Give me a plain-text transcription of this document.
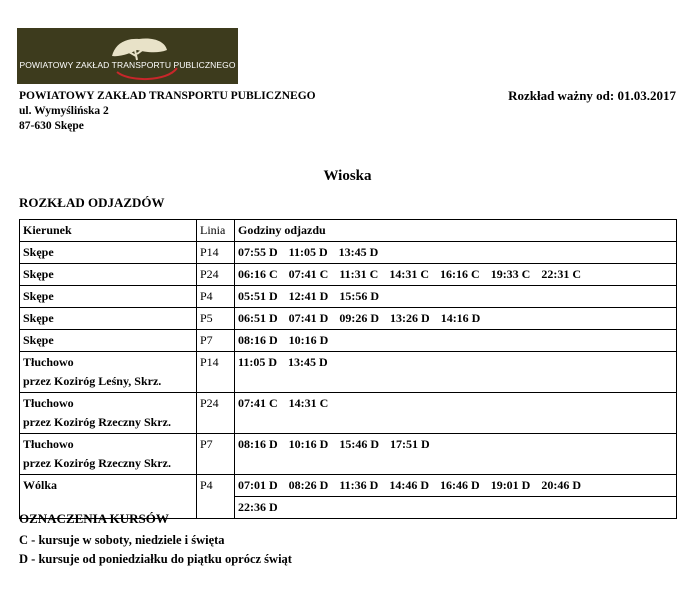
POWIATOWY ZAKŁAD TRANSPORTU PUBLICZNEGO
POWIATOWY ZAKŁAD TRANSPORTU PUBLICZNEGO
ul. Wymyślińska 2
87-630 Skępe
Rozkład ważny od: 01.03.2017
Wioska
ROZKŁAD ODJAZDÓW
Kierunek	Linia	Godziny odjazdu

Skępe	P14	07:55 D 11:05 D 13:45 D

Skępe	P24	06:16 C 07:41 C 11:31 C 14:31 C 16:16 C 19:33 C 22:31 C

Skępe	P4	05:51 D 12:41 D 15:56 D

Skępe	P5	06:51 D 07:41 D 09:26 D 13:26 D 14:16 D

Skępe	P7	08:16 D 10:16 D

Tłuchowo
przez Koziróg Leśny, Skrz.	P14	11:05 D 13:45 D

Tłuchowo
przez Koziróg Rzeczny Skrz.	P24	07:41 C 14:31 C

Tłuchowo
przez Koziróg Rzeczny Skrz.	P7	08:16 D 10:16 D 15:46 D 17:51 D

Wólka	P4	07:01 D 08:26 D 11:36 D 14:46 D 16:46 D 19:01 D 20:46 D
		22:36 D
OZNACZENIA KURSÓW
C - kursuje w soboty, niedziele i święta
D - kursuje od poniedziałku do piątku oprócz świąt
